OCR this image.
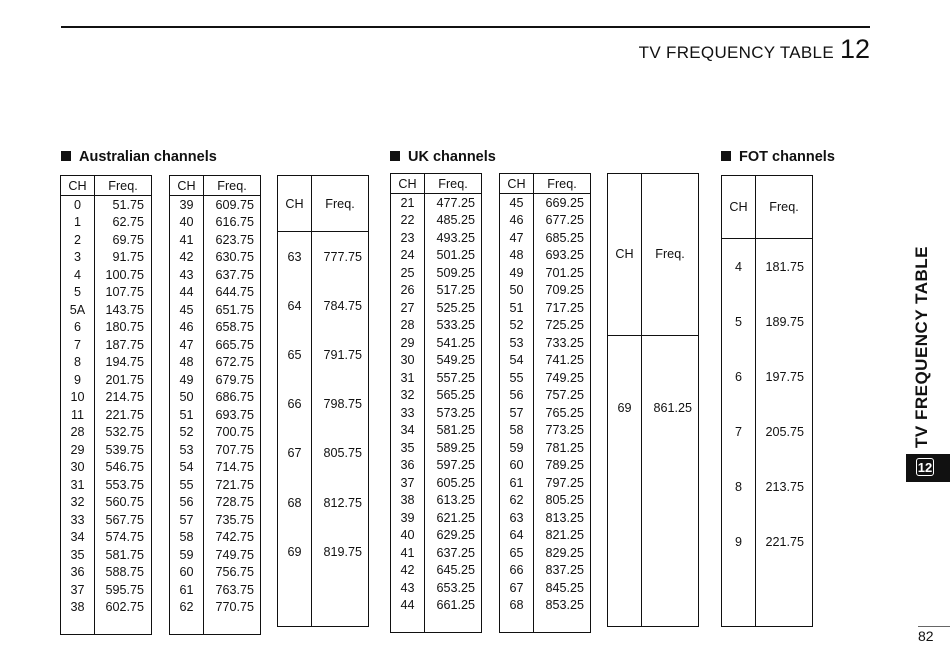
TV FREQUENCY TABLE 12
Australian channels	UK channels	FOT channels
CH	Freq.
0	51.75
1	62.75
2	69.75
3	91.75
4	100.75
5	107.75
5A	143.75
6	180.75
7	187.75
8	194.75
9	201.75
10	214.75
11	221.75
28	532.75
29	539.75
30	546.75
31	553.75
32	560.75
33	567.75
34	574.75
35	581.75
36	588.75
37	595.75
38	602.75

CH	Freq.
39	609.75
40	616.75
41	623.75
42	630.75
43	637.75
44	644.75
45	651.75
46	658.75
47	665.75
48	672.75
49	679.75
50	686.75
51	693.75
52	700.75
53	707.75
54	714.75
55	721.75
56	728.75
57	735.75
58	742.75
59	749.75
60	756.75
61	763.75
62	770.75

CH	Freq.
63	777.75
64	784.75
65	791.75
66	798.75
67	805.75
68	812.75
69	819.75

CH	Freq.
21	477.25
22	485.25
23	493.25
24	501.25
25	509.25
26	517.25
27	525.25
28	533.25
29	541.25
30	549.25
31	557.25
32	565.25
33	573.25
34	581.25
35	589.25
36	597.25
37	605.25
38	613.25
39	621.25
40	629.25
41	637.25
42	645.25
43	653.25
44	661.25

CH	Freq.
45	669.25
46	677.25
47	685.25
48	693.25
49	701.25
50	709.25
51	717.25
52	725.25
53	733.25
54	741.25
55	749.25
56	757.25
57	765.25
58	773.25
59	781.25
60	789.25
61	797.25
62	805.25
63	813.25
64	821.25
65	829.25
66	837.25
67	845.25
68	853.25

CH	Freq.
69	861.25

CH	Freq.
4	181.75
5	189.75
6	197.75
7	205.75
8	213.75
9	221.75

TV FREQUENCY TABLE
12
82
